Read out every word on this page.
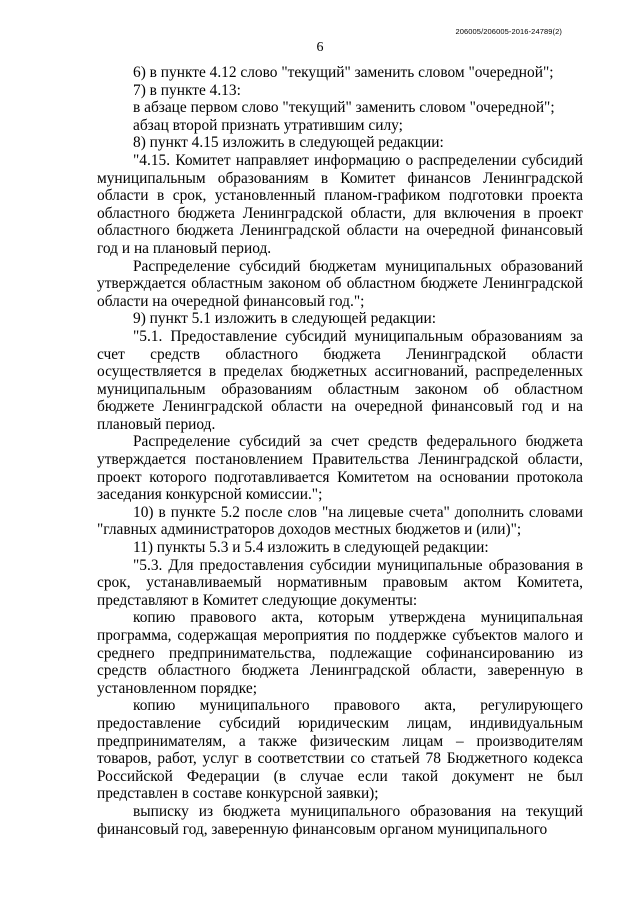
206005/206005-2016-24789(2)
6

6) в пункте 4.12 слово "текущий" заменить словом "очередной";

7) в пункте 4.13:

в абзаце первом слово "текущий" заменить словом "очередной";

абзац второй признать утратившим силу;

8) пункт 4.15 изложить в следующей редакции:

"4.15. Комитет направляет информацию о распределении субсидий муниципальным образованиям в Комитет финансов Ленинградской области в срок, установленный планом-графиком подготовки проекта областного бюджета Ленинградской области, для включения в проект областного бюджета Ленинградской области на очередной финансовый год и на плановый период.

Распределение субсидий бюджетам муниципальных образований утверждается областным законом об областном бюджете Ленинградской области на очередной финансовый год.";

9) пункт 5.1 изложить в следующей редакции:

"5.1. Предоставление субсидий муниципальным образованиям за счет средств областного бюджета Ленинградской области осуществляется в пределах бюджетных ассигнований, распределенных муниципальным образованиям областным законом об областном бюджете Ленинградской области на очередной финансовый год и на плановый период.

Распределение субсидий за счет средств федерального бюджета утверждается постановлением Правительства Ленинградской области, проект которого подготавливается Комитетом на основании протокола заседания конкурсной комиссии.";

10) в пункте 5.2 после слов "на лицевые счета" дополнить словами "главных администраторов доходов местных бюджетов и (или)";

11) пункты 5.3 и 5.4 изложить в следующей редакции:

"5.3. Для предоставления субсидии муниципальные образования в срок, устанавливаемый нормативным правовым актом Комитета, представляют в Комитет следующие документы:

копию правового акта, которым утверждена муниципальная программа, содержащая мероприятия по поддержке субъектов малого и среднего предпринимательства, подлежащие софинансированию из средств областного бюджета Ленинградской области, заверенную в установленном порядке;

копию муниципального правового акта, регулирующего предоставление субсидий юридическим лицам, индивидуальным предпринимателям, а также физическим лицам – производителям товаров, работ, услуг в соответствии со статьей 78 Бюджетного кодекса Российской Федерации (в случае если такой документ не был представлен в составе конкурсной заявки);

выписку из бюджета муниципального образования на текущий финансовый год, заверенную финансовым органом муниципального
